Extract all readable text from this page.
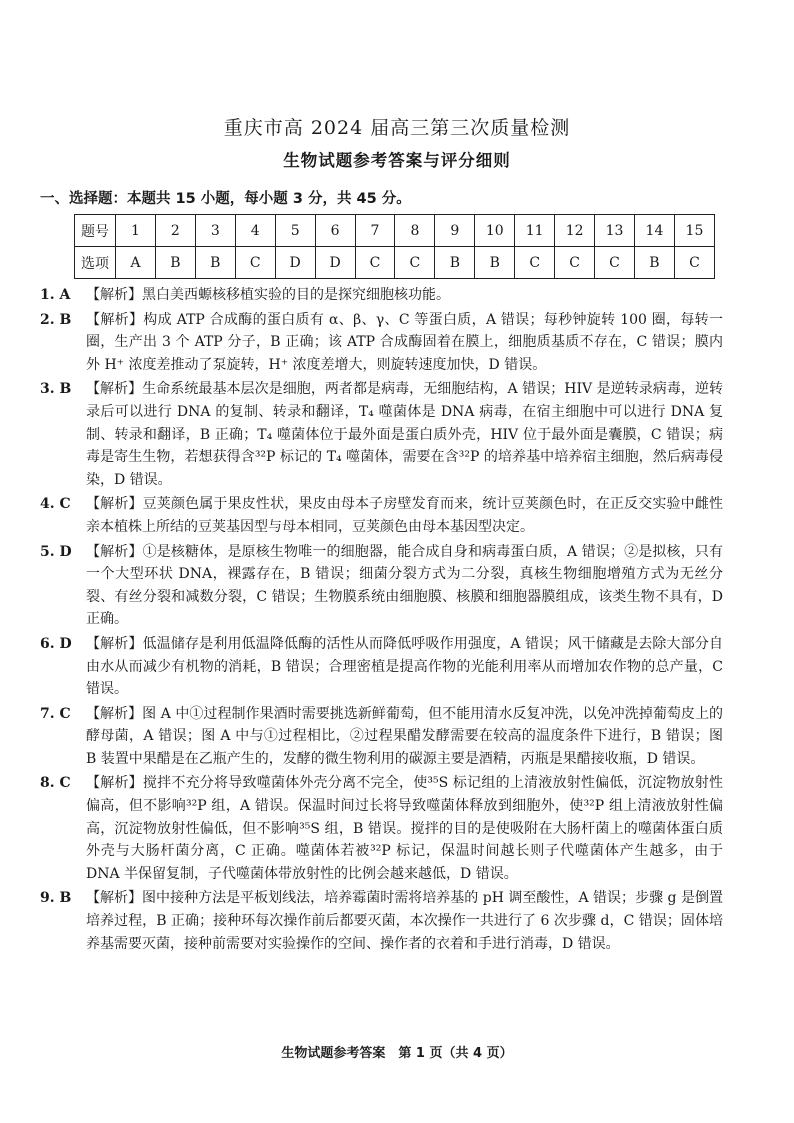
重庆市高 2024 届高三第三次质量检测
生物试题参考答案与评分细则
一、选择题：本题共 15 小题，每小题 3 分，共 45 分。
题号	1	2	3	4	5	6	7	8	9	10	11	12	13	14	15
选项	A	B	B	C	D	D	C	C	B	B	C	C	C	B	C
1. A	【解析】黑白美西螈核移植实验的目的是探究细胞核功能。
2. B	【解析】构成 ATP 合成酶的蛋白质有 α、β、γ、C 等蛋白质，A 错误；每秒钟旋转 100 圈，每转一圈，生产出 3 个 ATP 分子，B 正确；该 ATP 合成酶固着在膜上，细胞质基质不存在，C 错误；膜内外 H⁺ 浓度差推动了泵旋转，H⁺ 浓度差增大，则旋转速度加快，D 错误。
3. B	【解析】生命系统最基本层次是细胞，两者都是病毒，无细胞结构，A 错误；HIV 是逆转录病毒，逆转录后可以进行 DNA 的复制、转录和翻译，T₄ 噬菌体是 DNA 病毒，在宿主细胞中可以进行 DNA 复制、转录和翻译，B 正确；T₄ 噬菌体位于最外面是蛋白质外壳，HIV 位于最外面是囊膜，C 错误；病毒是寄生生物，若想获得含³²P 标记的 T₄ 噬菌体，需要在含³²P 的培养基中培养宿主细胞，然后病毒侵染，D 错误。
4. C	【解析】豆荚颜色属于果皮性状，果皮由母本子房壁发育而来，统计豆荚颜色时，在正反交实验中雌性亲本植株上所结的豆荚基因型与母本相同，豆荚颜色由母本基因型决定。
5. D	【解析】①是核糖体，是原核生物唯一的细胞器，能合成自身和病毒蛋白质，A 错误；②是拟核，只有一个大型环状 DNA，裸露存在，B 错误；细菌分裂方式为二分裂，真核生物细胞增殖方式为无丝分裂、有丝分裂和减数分裂，C 错误；生物膜系统由细胞膜、核膜和细胞器膜组成，该类生物不具有，D 正确。
6. D	【解析】低温储存是利用低温降低酶的活性从而降低呼吸作用强度，A 错误；风干储藏是去除大部分自由水从而减少有机物的消耗，B 错误；合理密植是提高作物的光能利用率从而增加农作物的总产量，C 错误。
7. C	【解析】图 A 中①过程制作果酒时需要挑选新鲜葡萄，但不能用清水反复冲洗，以免冲洗掉葡萄皮上的酵母菌，A 错误；图 A 中与①过程相比，②过程果醋发酵需要在较高的温度条件下进行，B 错误；图 B 装置中果醋是在乙瓶产生的，发酵的微生物利用的碳源主要是酒精，丙瓶是果醋接收瓶，D 错误。
8. C	【解析】搅拌不充分将导致噬菌体外壳分离不完全，使³⁵S 标记组的上清液放射性偏低，沉淀物放射性偏高，但不影响³²P 组，A 错误。保温时间过长将导致噬菌体释放到细胞外，使³²P 组上清液放射性偏高，沉淀物放射性偏低，但不影响³⁵S 组，B 错误。搅拌的目的是使吸附在大肠杆菌上的噬菌体蛋白质外壳与大肠杆菌分离，C 正确。噬菌体若被³²P 标记，保温时间越长则子代噬菌体产生越多，由于 DNA 半保留复制，子代噬菌体带放射性的比例会越来越低，D 错误。
9. B	【解析】图中接种方法是平板划线法，培养霉菌时需将培养基的 pH 调至酸性，A 错误；步骤 g 是倒置培养过程，B 正确；接种环每次操作前后都要灭菌，本次操作一共进行了 6 次步骤 d，C 错误；固体培养基需要灭菌，接种前需要对实验操作的空间、操作者的衣着和手进行消毒，D 错误。
生物试题参考答案　第 1 页（共 4 页）
